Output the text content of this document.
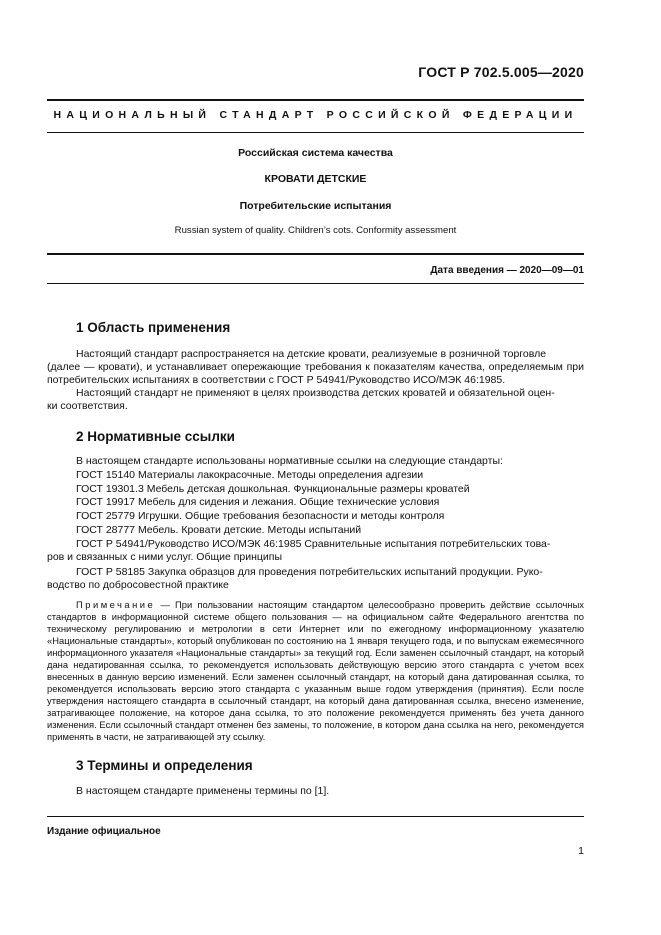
ГОСТ Р 702.5.005—2020
НАЦИОНАЛЬНЫЙ СТАНДАРТ РОССИЙСКОЙ ФЕДЕРАЦИИ
Российская система качества
КРОВАТИ ДЕТСКИЕ
Потребительские испытания
Russian system of quality. Children’s cots. Conformity assessment
Дата введения — 2020—09—01
1 Область применения
Настоящий стандарт распространяется на детские кровати, реализуемые в розничной торговле
(далее — кровати), и устанавливает опережающие требования к показателям качества, определяемым при потребительских испытаниях в соответствии с ГОСТ Р 54941/Руководство ИСО/МЭК 46:1985.
Настоящий стандарт не применяют в целях производства детских кроватей и обязательной оцен-
ки соответствия.
2 Нормативные ссылки
В настоящем стандарте использованы нормативные ссылки на следующие стандарты:
ГОСТ 15140 Материалы лакокрасочные. Методы определения адгезии
ГОСТ 19301.3 Мебель детская дошкольная. Функциональные размеры кроватей
ГОСТ 19917 Мебель для сидения и лежания. Общие технические условия
ГОСТ 25779 Игрушки. Общие требования безопасности и методы контроля
ГОСТ 28777 Мебель. Кровати детские. Методы испытаний
ГОСТ Р 54941/Руководство ИСО/МЭК 46:1985 Сравнительные испытания потребительских това-
ров и связанных с ними услуг. Общие принципы
ГОСТ Р 58185 Закупка образцов для проведения потребительских испытаний продукции. Руко-
водство по добросовестной практике
Примечание — При пользовании настоящим стандартом целесообразно проверить действие ссылочных стандартов в информационной системе общего пользования — на официальном сайте Федерального агентства по техническому регулированию и метрологии в сети Интернет или по ежегодному информационному указателю «Национальные стандарты», который опубликован по состоянию на 1 января текущего года, и по выпускам ежемесячного информационного указателя «Национальные стандарты» за текущий год. Если заменен ссылочный стандарт, на который дана недатированная ссылка, то рекомендуется использовать действующую версию этого стандарта с учетом всех внесенных в данную версию изменений. Если заменен ссылочный стандарт, на который дана датированная ссылка, то рекомендуется использовать версию этого стандарта с указанным выше годом утверждения (принятия). Если после утверждения настоящего стандарта в ссылочный стандарт, на который дана датированная ссылка, внесено изменение, затрагивающее положение, на которое дана ссылка, то это положение рекомендуется применять без учета данного изменения. Если ссылочный стандарт отменен без замены, то положение, в котором дана ссылка на него, рекомендуется применять в части, не затрагивающей эту ссылку.
3 Термины и определения
В настоящем стандарте применены термины по [1].
Издание официальное
1
